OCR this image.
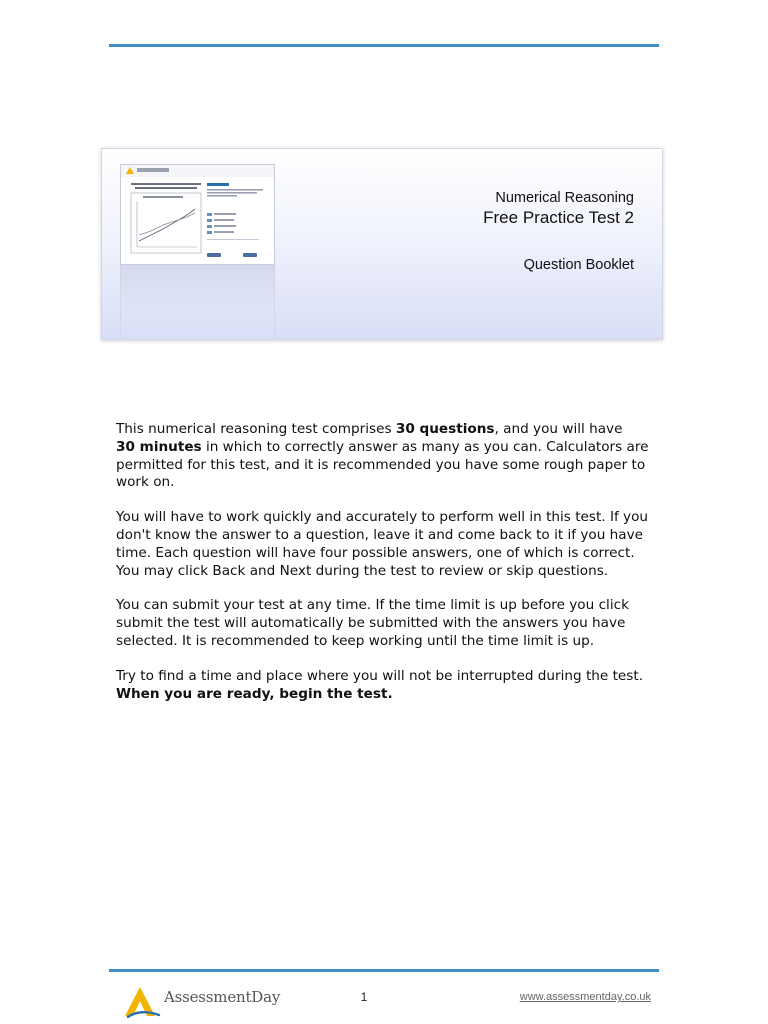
Numerical Reasoning
Free Practice Test 2
Question Booklet

This numerical reasoning test comprises 30 questions, and you will have
30 minutes in which to correctly answer as many as you can. Calculators are permitted for this test, and it is recommended you have some rough paper to work on.

You will have to work quickly and accurately to perform well in this test. If you don't know the answer to a question, leave it and come back to it if you have time. Each question will have four possible answers, one of which is correct. You may click Back and Next during the test to review or skip questions.

You can submit your test at any time. If the time limit is up before you click submit the test will automatically be submitted with the answers you have selected. It is recommended to keep working until the time limit is up.

Try to find a time and place where you will not be interrupted during the test.
When you are ready, begin the test.

AssessmentDay	1	www.assessmentday.co.uk
